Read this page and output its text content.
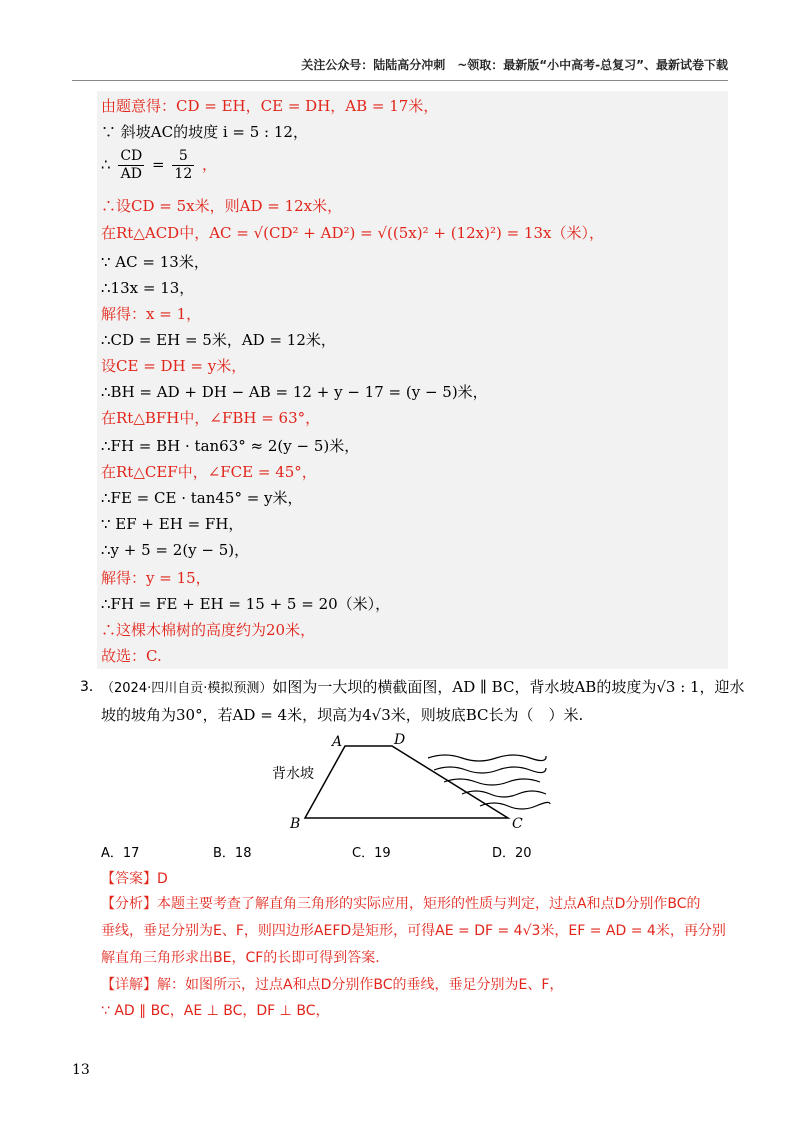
关注公众号：陆陆高分冲刺　~领取：最新版“小中高考-总复习”、最新试卷下载
由题意得：CD = EH，CE = DH，AB = 17米，
∵ 斜坡AC的坡度 i = 5 : 12，
∴ $\frac{CD}{AD} = \frac{5}{12}$ ，
∴设CD = 5x米，则AD = 12x米，
在Rt△ACD中，AC = √(CD² + AD²) = √((5x)² + (12x)²) = 13x（米），
∵ AC = 13米，
∴13x = 13，
解得：x = 1，
∴CD = EH = 5米，AD = 12米，
设CE = DH = y米，
∴BH = AD + DH − AB = 12 + y − 17 = (y − 5)米，
在Rt△BFH中，∠FBH = 63°，
∴FH = BH · tan63° ≈ 2(y − 5)米，
在Rt△CEF中，∠FCE = 45°，
∴FE = CE · tan45° = y米，
∵ EF + EH = FH，
∴y + 5 = 2(y − 5)，
解得：y = 15，
∴FH = FE + EH = 15 + 5 = 20（米），
∴这棵木棉树的高度约为20米，
故选：C.
3．
（2024·四川自贡·模拟预测）如图为一大坝的横截面图，AD ∥ BC，背水坡AB的坡度为√3 : 1，迎水
坡的坡角为30°，若AD = 4米，坝高为4√3米，则坡底BC长为（　）米.
A	D
B	C
背水坡
A．17	B．18	C．19	D．20
【答案】D
【分析】本题主要考查了解直角三角形的实际应用，矩形的性质与判定，过点A和点D分别作BC的
垂线，垂足分别为E、F，则四边形AEFD是矩形，可得AE = DF = 4√3米，EF = AD = 4米，再分别
解直角三角形求出BE，CF的长即可得到答案.
【详解】解：如图所示，过点A和点D分别作BC的垂线，垂足分别为E、F，
∵ AD ∥ BC，AE ⊥ BC，DF ⊥ BC，
13
